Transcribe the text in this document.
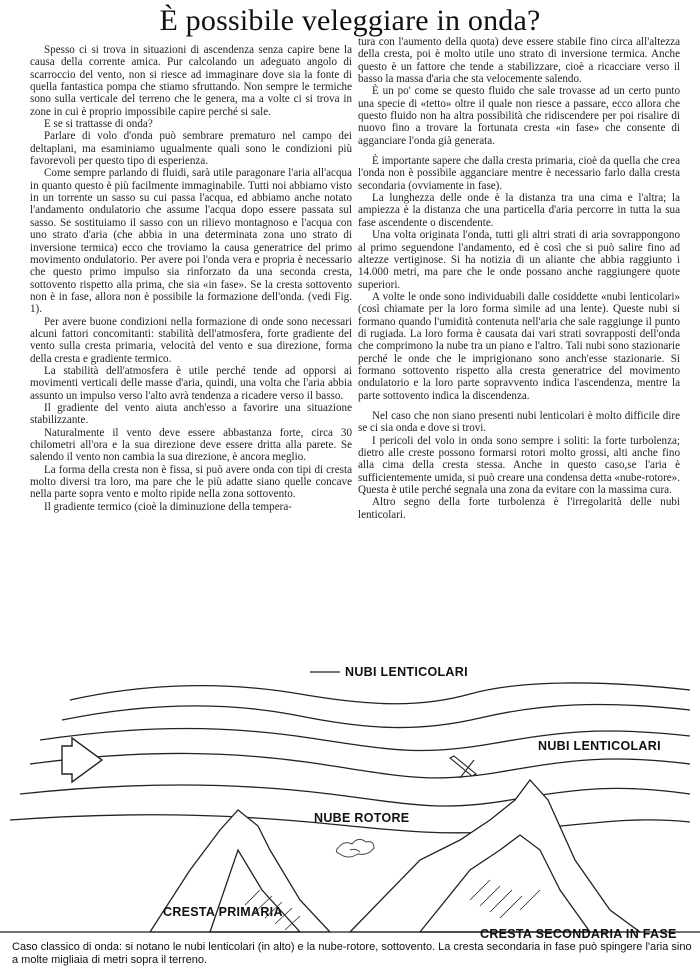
È possibile veleggiare in onda?

Spesso ci si trova in situazioni di ascendenza senza capire bene la causa della corrente amica. Pur calcolando un adeguato angolo di scarroccio del vento, non si riesce ad immaginare dove sia la fonte di quella fantastica pompa che stiamo sfruttando. Non sempre le termiche sono sulla verticale del terreno che le genera, ma a volte ci si trova in zone in cui è proprio impossibile capire perché si sale.

E se si trattasse di onda?

Parlare di volo d'onda può sembrare prematuro nel campo dei deltaplani, ma esaminiamo ugualmente quali sono le condizioni più favorevoli per questo tipo di esperienza.

Come sempre parlando di fluidi, sarà utile paragonare l'aria all'acqua in quanto questo è più facilmente immaginabile. Tutti noi abbiamo visto in un torrente un sasso su cui passa l'acqua, ed abbiamo anche notato l'andamento ondulatorio che assume l'acqua dopo essere passata sul sasso. Se sostituiamo il sasso con un rilievo montagnoso e l'acqua con uno strato d'aria (che abbia in una determinata zona uno strato di inversione termica) ecco che troviamo la causa generatrice del primo movimento ondulatorio. Per avere poi l'onda vera e propria è necessario che questo primo impulso sia rinforzato da una seconda cresta, sottovento rispetto alla prima, che sia «in fase». Se la cresta sottovento non è in fase, allora non è possibile la formazione dell'onda. (vedi Fig. 1).

Per avere buone condizioni nella formazione di onde sono necessari alcuni fattori concomitanti: stabilità dell'atmosfera, forte gradiente del vento sulla cresta primaria, velocità del vento e sua direzione, forma della cresta e gradiente termico.

La stabilità dell'atmosfera è utile perché tende ad opporsi ai movimenti verticali delle masse d'aria, quindi, una volta che l'aria abbia assunto un impulso verso l'alto avrà tendenza a ricadere verso il basso.

Il gradiente del vento aiuta anch'esso a favorire una situazione stabilizzante.

Naturalmente il vento deve essere abbastanza forte, circa 30 chilometri all'ora e la sua direzione deve essere dritta alla parete. Se salendo il vento non cambia la sua direzione, è ancora meglio.

La forma della cresta non è fissa, si può avere onda con tipi di cresta molto diversi tra loro, ma pare che le più adatte siano quelle concave nella parte sopra vento e molto ripide nella zona sottovento.

Il gradiente termico (cioè la diminuzione della tempera-

tura con l'aumento della quota) deve essere stabile fino circa all'altezza della cresta, poi è molto utile uno strato di inversione termica. Anche questo è un fattore che tende a stabilizzare, cioè a ricacciare verso il basso la massa d'aria che sta velocemente salendo.

È un po' come se questo fluido che sale trovasse ad un certo punto una specie di «tetto» oltre il quale non riesce a passare, ecco allora che questo fluido non ha altra possibilità che ridiscendere per poi risalire di nuovo fino a trovare la fortunata cresta «in fase» che consente di agganciare l'onda già generata.

È importante sapere che dalla cresta primaria, cioè da quella che crea l'onda non è possibile agganciare mentre è necessario farlo dalla cresta secondaria (ovviamente in fase).

La lunghezza delle onde è la distanza tra una cima e l'altra; la ampiezza è la distanza che una particella d'aria percorre in tutta la sua fase ascendente o discendente.

Una volta originata l'onda, tutti gli altri strati di aria sovrappongono al primo seguendone l'andamento, ed è così che si può salire fino ad altezze vertiginose. Si ha notizia di un aliante che abbia raggiunto i 14.000 metri, ma pare che le onde possano anche raggiungere quote superiori.

A volte le onde sono individuabili dalle cosiddette «nubi lenticolari» (così chiamate per la loro forma simile ad una lente). Queste nubi si formano quando l'umidità contenuta nell'aria che sale raggiunge il punto di rugiada. La loro forma è causata dai vari strati sovrapposti dell'onda che comprimono la nube tra un piano e l'altro. Tali nubi sono stazionarie perché le onde che le imprigionano sono anch'esse stazionarie. Si formano sottovento rispetto alla cresta generatrice del movimento ondulatorio e la loro parte sopravvento indica l'ascendenza, mentre la parte sottovento indica la discendenza.

Nel caso che non siano presenti nubi lenticolari è molto difficile dire se ci sia onda e dove si trovi.

I pericoli del volo in onda sono sempre i soliti: la forte turbolenza; dietro alle creste possono formarsi rotori molto grossi, alti anche fino alla cima della cresta stessa. Anche in questo caso,se l'aria è sufficientemente umida, si può creare una condensa detta «nube-rotore». Questa è utile perché segnala una zona da evitare con la massima cura.

Altro segno della forte turbolenza è l'irregolarità delle nubi lenticolari.

NUBI LENTICOLARI
NUBI LENTICOLARI
NUBE ROTORE
CRESTA PRIMARIA
CRESTA SECONDARIA IN FASE
Caso classico di onda: si notano le nubi lenticolari (in alto) e la nube-rotore, sottovento. La cresta secondaria in fase può spingere l'aria sino a molte migliaia di metri sopra il terreno.
